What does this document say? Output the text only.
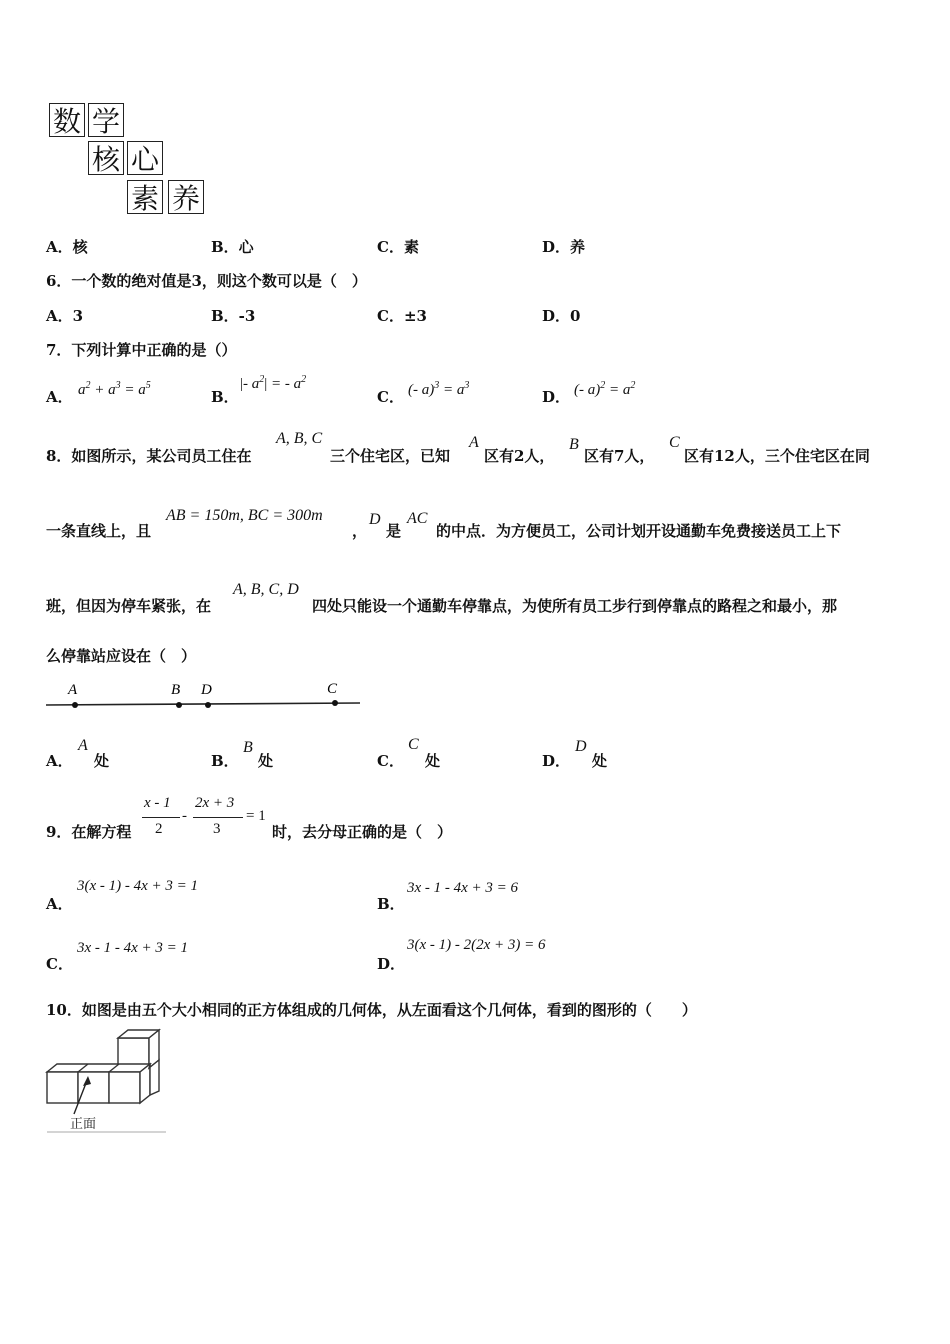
数 学
核 心
素 养
A．核	B．心	C．素	D．养
6．一个数的绝对值是3，则这个数可以是（　）
A．3	B．-3	C．±3	D．0
7．下列计算中正确的是（）
A． $a^2 + a^3 = a^5$
B．
|- $a^2|$ = - $a^2$
C． (- $a)^3 = a^3$
D． (- $a)^2 = a^2$
8．如图所示，某公司员工住在
A, B, C
三个住宅区，已知
A
区有2人，
B
区有7人，
C
区有12人，三个住宅区在同
一条直线上，且
AB = 150m, BC = 300m
，
D
是
AC
的中点．为方便员工，公司计划开设通勤车免费接送员工上下
班，但因为停车紧张，在
A, B, C, D
四处只能设一个通勤车停靠点，为使所有员工步行到停靠点的路程之和最小，那
么停靠站应设在（　）
A	B D	C
A．
A
处	B．
B
处	C．
C
处	D．
D
处
9．在解方程
x - 1
2
-
2x + 3
3
= 1
时，去分母正确的是（　）
A．
3(x - 1) - 4x + 3 = 1
B．
3x - 1 - 4x + 3 = 6
C．
3x - 1 - 4x + 3 = 1
D．
3(x - 1) - 2(2x + 3) = 6
10．如图是由五个大小相同的正方体组成的几何体，从左面看这个几何体，看到的图形的（　　）
正面
